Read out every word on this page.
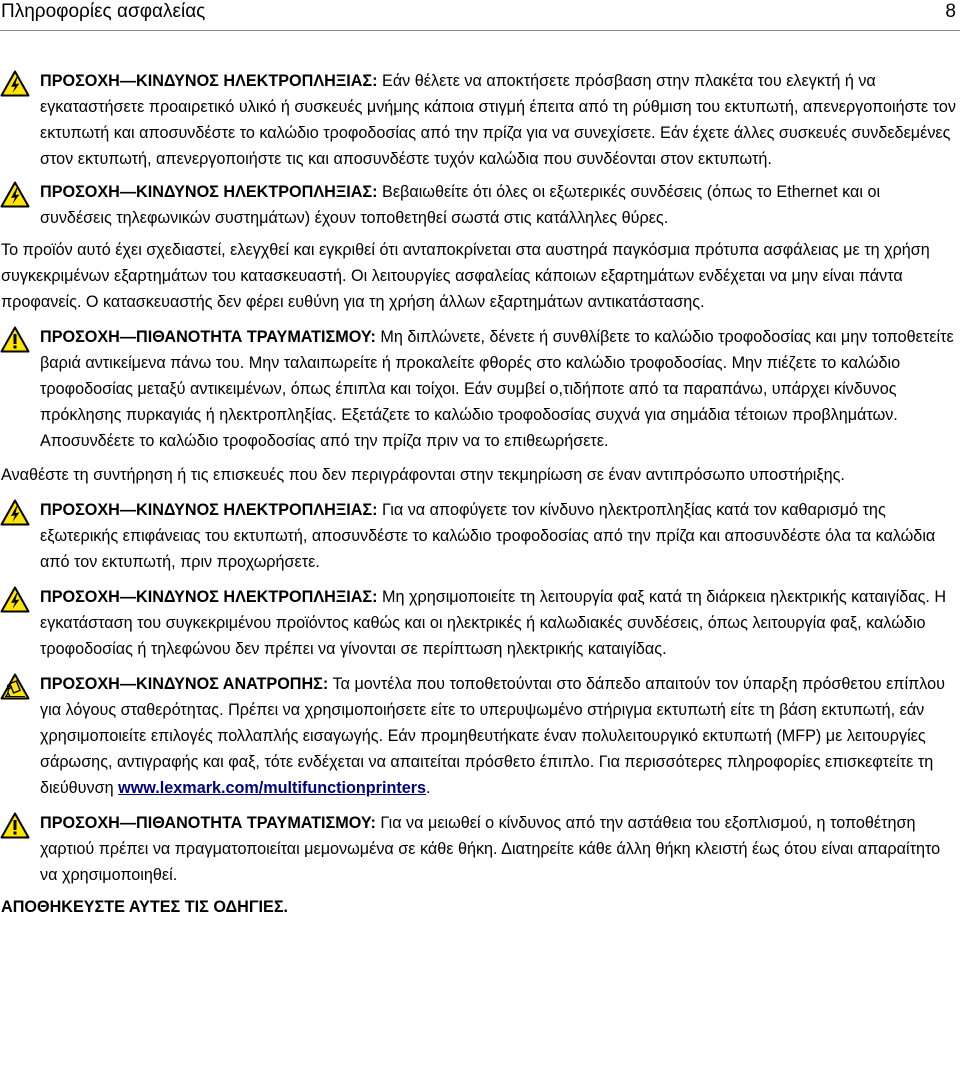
Πληροφορίες ασφαλείας	8
ΠΡΟΣΟΧΗ—ΚΙΝΔΥΝΟΣ ΗΛΕΚΤΡΟΠΛΗΞΙΑΣ: Εάν θέλετε να αποκτήσετε πρόσβαση στην πλακέτα του ελεγκτή ή να εγκαταστήσετε προαιρετικό υλικό ή συσκευές μνήμης κάποια στιγμή έπειτα από τη ρύθμιση του εκτυπωτή, απενεργοποιήστε τον εκτυπωτή και αποσυνδέστε το καλώδιο τροφοδοσίας από την πρίζα για να συνεχίσετε. Εάν έχετε άλλες συσκευές συνδεδεμένες στον εκτυπωτή, απενεργοποιήστε τις και αποσυνδέστε τυχόν καλώδια που συνδέονται στον εκτυπωτή.
ΠΡΟΣΟΧΗ—ΚΙΝΔΥΝΟΣ ΗΛΕΚΤΡΟΠΛΗΞΙΑΣ: Βεβαιωθείτε ότι όλες οι εξωτερικές συνδέσεις (όπως το Ethernet και οι συνδέσεις τηλεφωνικών συστημάτων) έχουν τοποθετηθεί σωστά στις κατάλληλες θύρες.
Το προϊόν αυτό έχει σχεδιαστεί, ελεγχθεί και εγκριθεί ότι ανταποκρίνεται στα αυστηρά παγκόσμια πρότυπα ασφάλειας με τη χρήση συγκεκριμένων εξαρτημάτων του κατασκευαστή. Οι λειτουργίες ασφαλείας κάποιων εξαρτημάτων ενδέχεται να μην είναι πάντα προφανείς. Ο κατασκευαστής δεν φέρει ευθύνη για τη χρήση άλλων εξαρτημάτων αντικατάστασης.
ΠΡΟΣΟΧΗ—ΠΙΘΑΝΟΤΗΤΑ ΤΡΑΥΜΑΤΙΣΜΟΥ: Μη διπλώνετε, δένετε ή συνθλίβετε το καλώδιο τροφοδοσίας και μην τοποθετείτε βαριά αντικείμενα πάνω του. Μην ταλαιπωρείτε ή προκαλείτε φθορές στο καλώδιο τροφοδοσίας. Μην πιέζετε το καλώδιο τροφοδοσίας μεταξύ αντικειμένων, όπως έπιπλα και τοίχοι. Εάν συμβεί ο,τιδήποτε από τα παραπάνω, υπάρχει κίνδυνος πρόκλησης πυρκαγιάς ή ηλεκτροπληξίας. Εξετάζετε το καλώδιο τροφοδοσίας συχνά για σημάδια τέτοιων προβλημάτων. Αποσυνδέετε το καλώδιο τροφοδοσίας από την πρίζα πριν να το επιθεωρήσετε.
Αναθέστε τη συντήρηση ή τις επισκευές που δεν περιγράφονται στην τεκμηρίωση σε έναν αντιπρόσωπο υποστήριξης.
ΠΡΟΣΟΧΗ—ΚΙΝΔΥΝΟΣ ΗΛΕΚΤΡΟΠΛΗΞΙΑΣ: Για να αποφύγετε τον κίνδυνο ηλεκτροπληξίας κατά τον καθαρισμό της εξωτερικής επιφάνειας του εκτυπωτή, αποσυνδέστε το καλώδιο τροφοδοσίας από την πρίζα και αποσυνδέστε όλα τα καλώδια από τον εκτυπωτή, πριν προχωρήσετε.
ΠΡΟΣΟΧΗ—ΚΙΝΔΥΝΟΣ ΗΛΕΚΤΡΟΠΛΗΞΙΑΣ: Μη χρησιμοποιείτε τη λειτουργία φαξ κατά τη διάρκεια ηλεκτρικής καταιγίδας. Η εγκατάσταση του συγκεκριμένου προϊόντος καθώς και οι ηλεκτρικές ή καλωδιακές συνδέσεις, όπως λειτουργία φαξ, καλώδιο τροφοδοσίας ή τηλεφώνου δεν πρέπει να γίνονται σε περίπτωση ηλεκτρικής καταιγίδας.
ΠΡΟΣΟΧΗ—ΚΙΝΔΥΝΟΣ ΑΝΑΤΡΟΠΗΣ: Τα μοντέλα που τοποθετούνται στο δάπεδο απαιτούν τον ύπαρξη πρόσθετου επίπλου για λόγους σταθερότητας. Πρέπει να χρησιμοποιήσετε είτε το υπερυψωμένο στήριγμα εκτυπωτή είτε τη βάση εκτυπωτή, εάν χρησιμοποιείτε επιλογές πολλαπλής εισαγωγής. Εάν προμηθευτήκατε έναν πολυλειτουργικό εκτυπωτή (MFP) με λειτουργίες σάρωσης, αντιγραφής και φαξ, τότε ενδέχεται να απαιτείται πρόσθετο έπιπλο. Για περισσότερες πληροφορίες επισκεφτείτε τη διεύθυνση www.lexmark.com/multifunctionprinters.
ΠΡΟΣΟΧΗ—ΠΙΘΑΝΟΤΗΤΑ ΤΡΑΥΜΑΤΙΣΜΟΥ: Για να μειωθεί ο κίνδυνος από την αστάθεια του εξοπλισμού, η τοποθέτηση χαρτιού πρέπει να πραγματοποιείται μεμονωμένα σε κάθε θήκη. Διατηρείτε κάθε άλλη θήκη κλειστή έως ότου είναι απαραίτητο να χρησιμοποιηθεί.
ΑΠΟΘΗΚΕΥΣΤΕ ΑΥΤΕΣ ΤΙΣ ΟΔΗΓΙΕΣ.
